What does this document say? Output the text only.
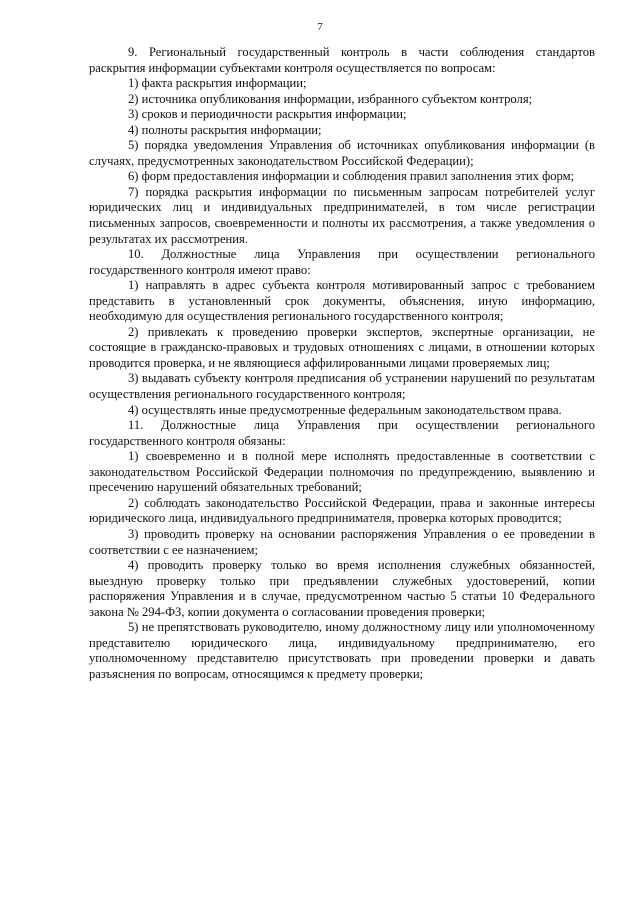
7

9. Региональный государственный контроль в части соблюдения стандартов раскрытия информации субъектами контроля осуществляется по вопросам:

1) факта раскрытия информации;

2) источника опубликования информации, избранного субъектом контроля;

3) сроков и периодичности раскрытия информации;

4) полноты раскрытия информации;

5) порядка уведомления Управления об источниках опубликования информации (в случаях, предусмотренных законодательством Российской Федерации);

6) форм предоставления информации и соблюдения правил заполнения этих форм;

7) порядка раскрытия информации по письменным запросам потребителей услуг юридических лиц и индивидуальных предпринимателей, в том числе регистрации письменных запросов, своевременности и полноты их рассмотрения, а также уведомления о результатах их рассмотрения.

10. Должностные лица Управления при осуществлении регионального государственного контроля имеют право:

1) направлять в адрес субъекта контроля мотивированный запрос с требованием представить в установленный срок документы, объяснения, иную информацию, необходимую для осуществления регионального государственного контроля;

2) привлекать к проведению проверки экспертов, экспертные организации, не состоящие в гражданско-правовых и трудовых отношениях с лицами, в отношении которых проводится проверка, и не являющиеся аффилированными лицами проверяемых лиц;

3) выдавать субъекту контроля предписания об устранении нарушений по результатам осуществления регионального государственного контроля;

4) осуществлять иные предусмотренные федеральным законодательством права.

11. Должностные лица Управления при осуществлении регионального государственного контроля обязаны:

1) своевременно и в полной мере исполнять предоставленные в соответствии с законодательством Российской Федерации полномочия по предупреждению, выявлению и пресечению нарушений обязательных требований;

2) соблюдать законодательство Российской Федерации, права и законные интересы юридического лица, индивидуального предпринимателя, проверка которых проводится;

3) проводить проверку на основании распоряжения Управления о ее проведении в соответствии с ее назначением;

4) проводить проверку только во время исполнения служебных обязанностей, выездную проверку только при предъявлении служебных удостоверений, копии распоряжения Управления и в случае, предусмотренном частью 5 статьи 10 Федерального закона № 294-ФЗ, копии документа о согласовании проведения проверки;

5) не препятствовать руководителю, иному должностному лицу или уполномоченному представителю юридического лица, индивидуальному предпринимателю, его уполномоченному представителю присутствовать при проведении проверки и давать разъяснения по вопросам, относящимся к предмету проверки;
